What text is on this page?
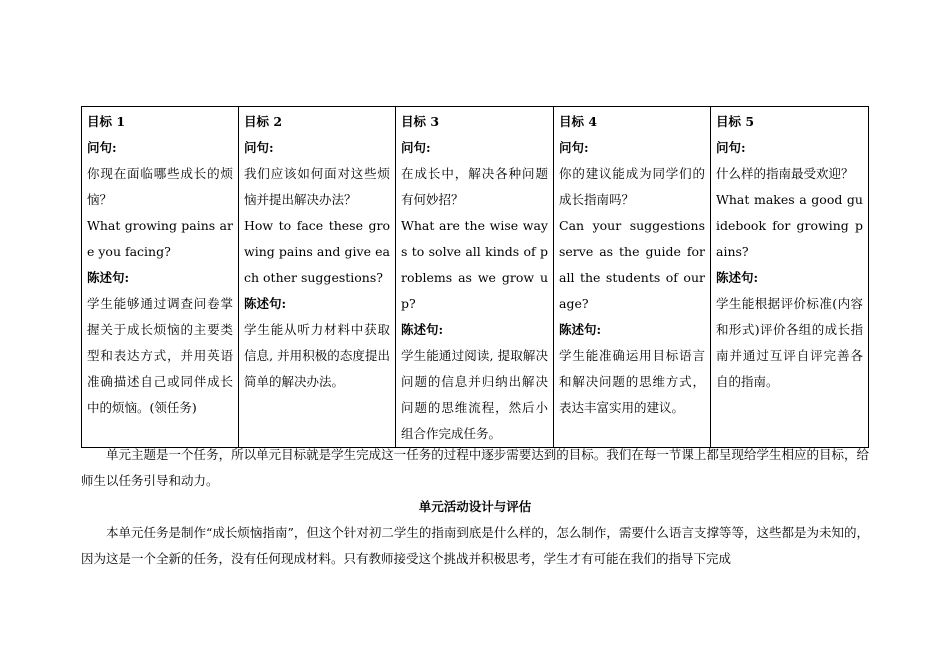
目标 1
问句:
你现在面临哪些成长的烦恼？
What growing pains are you facing?
陈述句:
学生能够通过调查问卷掌握关于成长烦恼的主要类型和表达方式，并用英语准确描述自己或同伴成长中的烦恼。(领任务)

目标 2
问句:
我们应该如何面对这些烦恼并提出解决办法？
How to face these growing pains and give each other suggestions?
陈述句:
学生能从听力材料中获取信息, 并用积极的态度提出简单的解决办法。

目标 3
问句:
在成长中，解决各种问题有何妙招？
What are the wise ways to solve all kinds of problems as we grow up?
陈述句:
学生能通过阅读, 提取解决问题的信息并归纳出解决问题的思维流程，然后小组合作完成任务。

目标 4
问句:
你的建议能成为同学们的成长指南吗？
Can your suggestions serve as the guide for all the students of our age?
陈述句:
学生能准确运用目标语言和解决问题的思维方式，表达丰富实用的建议。

目标 5
问句:
什么样的指南最受欢迎？
What makes a good guidebook for growing pains?
陈述句:
学生能根据评价标准(内容和形式)评价各组的成长指南并通过互评自评完善各自的指南。
单元主题是一个任务，所以单元目标就是学生完成这一任务的过程中逐步需要达到的目标。我们在每一节课上都呈现给学生相应的目标，给师生以任务引导和动力。
单元活动设计与评估
本单元任务是制作“成长烦恼指南”，但这个针对初二学生的指南到底是什么样的，怎么制作，需要什么语言支撑等等，这些都是为未知的，因为这是一个全新的任务，没有任何现成材料。只有教师接受这个挑战并积极思考，学生才有可能在我们的指导下完成
